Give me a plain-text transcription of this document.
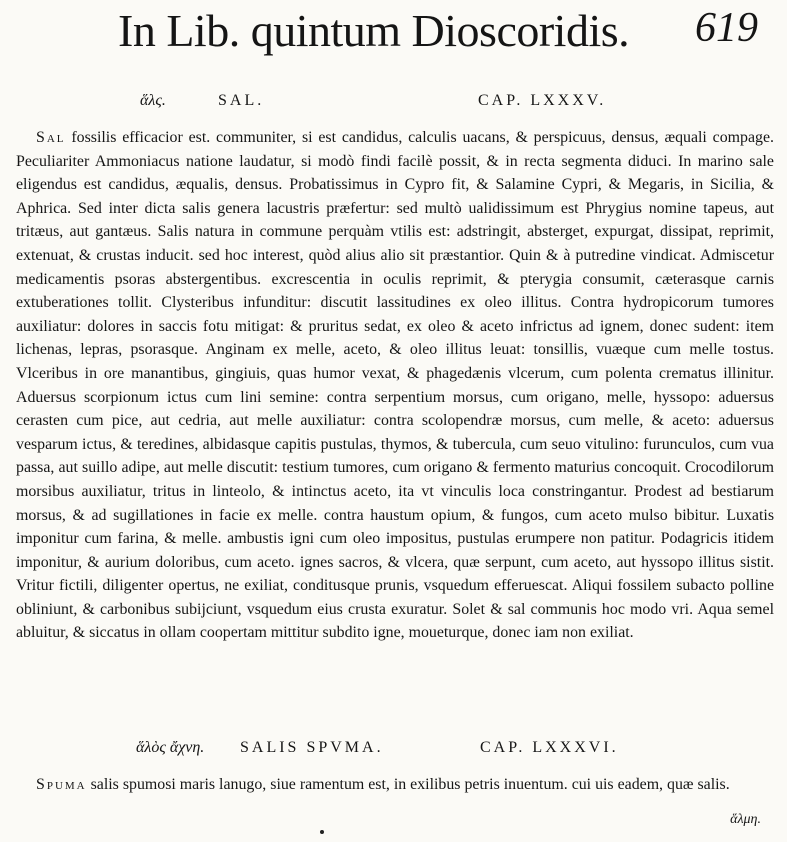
In Lib. quintum Dioscoridis. 619
ἅλς.	SAL.	CAP. LXXXV.

Sal fossilis efficacior est. communiter, si est candidus, calculis uacans, & perspicuus, densus, æquali compage. Peculiariter Ammoniacus natione laudatur, si modò findi facilè possit, & in recta segmenta diduci. In marino sale eligendus est candidus, æqualis, densus. Probatissimus in Cypro fit, & Salamine Cypri, & Megaris, in Sicilia, & Aphrica. Sed inter dicta salis genera lacustris præfertur: sed multò ualidissimum est Phrygius nomine tapeus, aut tritæus, aut gantæus. Salis natura in commune perquàm vtilis est: adstringit, absterget, expurgat, dissipat, reprimit, extenuat, & crustas inducit. sed hoc interest, quòd alius alio sit præstantior. Quin & à putredine vindicat. Admiscetur medicamentis psoras abstergentibus. excrescentia in oculis reprimit, & pterygia consumit, cæterasque carnis extuberationes tollit. Clysteribus infunditur: discutit lassitudines ex oleo illitus. Contra hydropicorum tumores auxiliatur: dolores in saccis fotu mitigat: & pruritus sedat, ex oleo & aceto infrictus ad ignem, donec sudent: item lichenas, lepras, psorasque. Anginam ex melle, aceto, & oleo illitus leuat: tonsillis, vuæque cum melle tostus. Vlceribus in ore manantibus, gingiuis, quas humor vexat, & phagedænis vlcerum, cum polenta crematus illinitur. Aduersus scorpionum ictus cum lini semine: contra serpentium morsus, cum origano, melle, hyssopo: aduersus cerasten cum pice, aut cedria, aut melle auxiliatur: contra scolopendræ morsus, cum melle, & aceto: aduersus vesparum ictus, & teredines, albidasque capitis pustulas, thymos, & tubercula, cum seuo vitulino: furunculos, cum vua passa, aut suillo adipe, aut melle discutit: testium tumores, cum origano & fermento maturius concoquit. Crocodilorum morsibus auxiliatur, tritus in linteolo, & intinctus aceto, ita vt vinculis loca constringantur. Prodest ad bestiarum morsus, & ad sugillationes in facie ex melle. contra haustum opium, & fungos, cum aceto mulso bibitur. Luxatis imponitur cum farina, & melle. ambustis igni cum oleo impositus, pustulas erumpere non patitur. Podagricis itidem imponitur, & aurium doloribus, cum aceto. ignes sacros, & vlcera, quæ serpunt, cum aceto, aut hyssopo illitus sistit. Vritur fictili, diligenter opertus, ne exiliat, conditusque prunis, vsquedum efferuescat. Aliqui fossilem subacto polline obliniunt, & carbonibus subijciunt, vsquedum eius crusta exuratur. Solet & sal communis hoc modo vri. Aqua semel abluitur, & siccatus in ollam coopertam mittitur subdito igne, moueturque, donec iam non exiliat.

ἅλὸς ἄχνη. SALIS SPVMA.	CAP. LXXXVI.

Spuma salis spumosi maris lanugo, siue ramentum est, in exilibus petris inuentum. cui uis eadem, quæ salis.

ἅλμη.
